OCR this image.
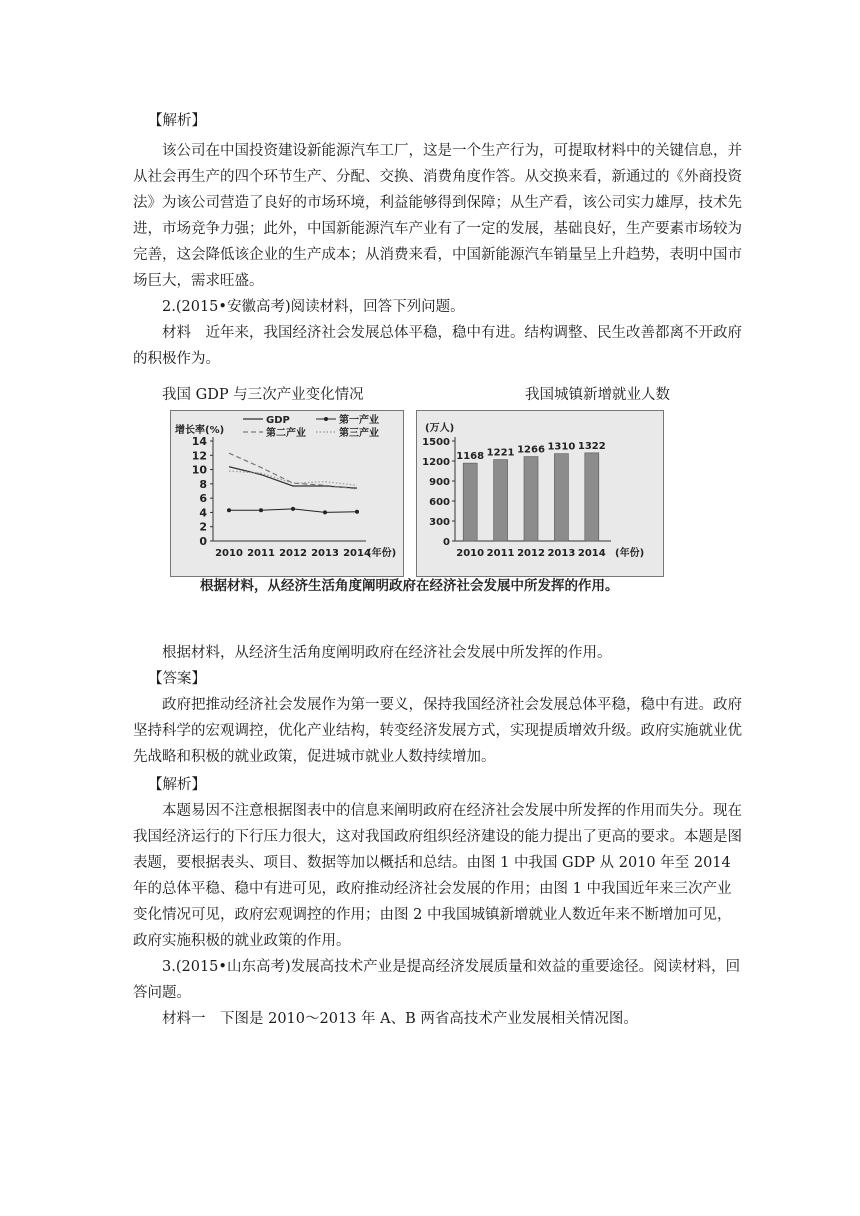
【解析】

该公司在中国投资建设新能源汽车工厂，这是一个生产行为，可提取材料中的关键信息，并从社会再生产的四个环节生产、分配、交换、消费角度作答。从交换来看，新通过的《外商投资法》为该公司营造了良好的市场环境，利益能够得到保障；从生产看，该公司实力雄厚，技术先进，市场竞争力强；此外，中国新能源汽车产业有了一定的发展，基础良好，生产要素市场较为完善，这会降低该企业的生产成本；从消费来看，中国新能源汽车销量呈上升趋势，表明中国市场巨大，需求旺盛。

2.(2015•安徽高考)阅读材料，回答下列问题。

材料　近年来，我国经济社会发展总体平稳，稳中有进。结构调整、民生改善都离不开政府的积极作为。

我国 GDP 与三次产业变化情况	我国城镇新增就业人数
0
2
4
6
8
10
12
14
2010 2011 2012 2013 2014
增长率(%)
(年份)
GDP	第一产业
第二产业	第三产业
0
300
600
900
1200
1500
(万人)
1168
2010
1221
2011
1266
2012
1310
2013
1322
2014 (年份)
根据材料，从经济生活角度阐明政府在经济社会发展中所发挥的作用。

根据材料，从经济生活角度阐明政府在经济社会发展中所发挥的作用。

【答案】

政府把推动经济社会发展作为第一要义，保持我国经济社会发展总体平稳，稳中有进。政府坚持科学的宏观调控，优化产业结构，转变经济发展方式，实现提质增效升级。政府实施就业优先战略和积极的就业政策，促进城市就业人数持续增加。

【解析】

本题易因不注意根据图表中的信息来阐明政府在经济社会发展中所发挥的作用而失分。现在我国经济运行的下行压力很大，这对我国政府组织经济建设的能力提出了更高的要求。本题是图表题，要根据表头、项目、数据等加以概括和总结。由图 1 中我国 GDP 从 2010 年至 2014 年的总体平稳、稳中有进可见，政府推动经济社会发展的作用；由图 1 中我国近年来三次产业变化情况可见，政府宏观调控的作用；由图 2 中我国城镇新增就业人数近年来不断增加可见，政府实施积极的就业政策的作用。

3.(2015•山东高考)发展高技术产业是提高经济发展质量和效益的重要途径。阅读材料，回答问题。

材料一　下图是 2010～2013 年 A、B 两省高技术产业发展相关情况图。
